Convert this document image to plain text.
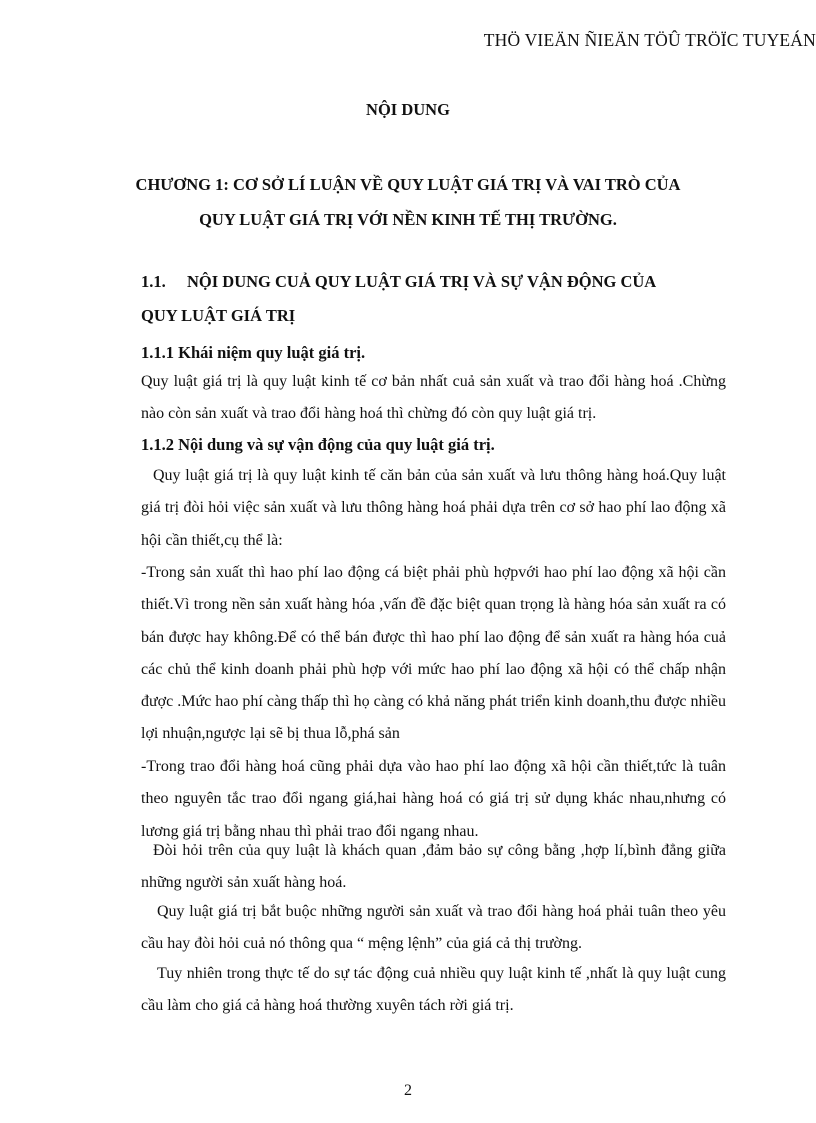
THÖ VIEÄN ÑIEÄN TÖÛ TRÖÏC TUYEÁN
NỘI DUNG
CHƯƠNG 1: CƠ SỞ LÍ LUẬN VỀ QUY LUẬT GIÁ TRỊ VÀ VAI TRÒ CỦA
QUY LUẬT GIÁ TRỊ VỚI NỀN KINH TẾ THỊ TRƯỜNG.
1.1. NỘI DUNG CUẢ QUY LUẬT GIÁ TRỊ VÀ SỰ VẬN ĐỘNG CỦA
QUY LUẬT GIÁ TRỊ
1.1.1 Khái niệm quy luật giá trị.
Quy luật giá trị là quy luật kinh tế cơ bản nhất cuả sản xuất và trao đổi hàng hoá .Chừng nào còn sản xuất và trao đổi hàng hoá thì chừng đó còn quy luật giá trị.
1.1.2 Nội dung và sự vận động của quy luật giá trị.
Quy luật giá trị là quy luật kinh tế căn bản của sản xuất và lưu thông hàng hoá.Quy luật giá trị đòi hỏi việc sản xuất và lưu thông hàng hoá phải dựa trên cơ sở hao phí lao động xã hội cần thiết,cụ thể là:
-Trong sản xuất thì hao phí lao động cá biệt phải phù hợpvới hao phí lao động xã hội cần thiết.Vì trong nền sản xuất hàng hóa ,vấn đề đặc biệt quan trọng là hàng hóa sản xuất ra có bán được hay không.Để có thể bán được thì hao phí lao động để sản xuất ra hàng hóa cuả các chủ thể kinh doanh phải phù hợp với mức hao phí lao động xã hội có thể chấp nhận được .Mức hao phí càng thấp thì họ càng có khả năng phát triển kinh doanh,thu được nhiều lợi nhuận,ngược lại sẽ bị thua lỗ,phá sản
-Trong trao đổi hàng hoá cũng phải dựa vào hao phí lao động xã hội cần thiết,tức là tuân theo nguyên tắc trao đổi ngang giá,hai hàng hoá có giá trị sử dụng khác nhau,nhưng có lương giá trị bằng nhau thì phải trao đổi ngang nhau.
Đòi hỏi trên của quy luật là khách quan ,đảm bảo sự công bằng ,hợp lí,bình đẳng giữa những người sản xuất hàng hoá.
Quy luật giá trị bắt buộc những người sản xuất và trao đổi hàng hoá phải tuân theo yêu cầu hay đòi hỏi cuả nó thông qua “ mệng lệnh” của giá cả thị trường.
Tuy nhiên trong thực tế do sự tác động cuả nhiều quy luật kinh tế ,nhất là quy luật cung cầu làm cho giá cả hàng hoá thường xuyên tách rời giá trị.
2
